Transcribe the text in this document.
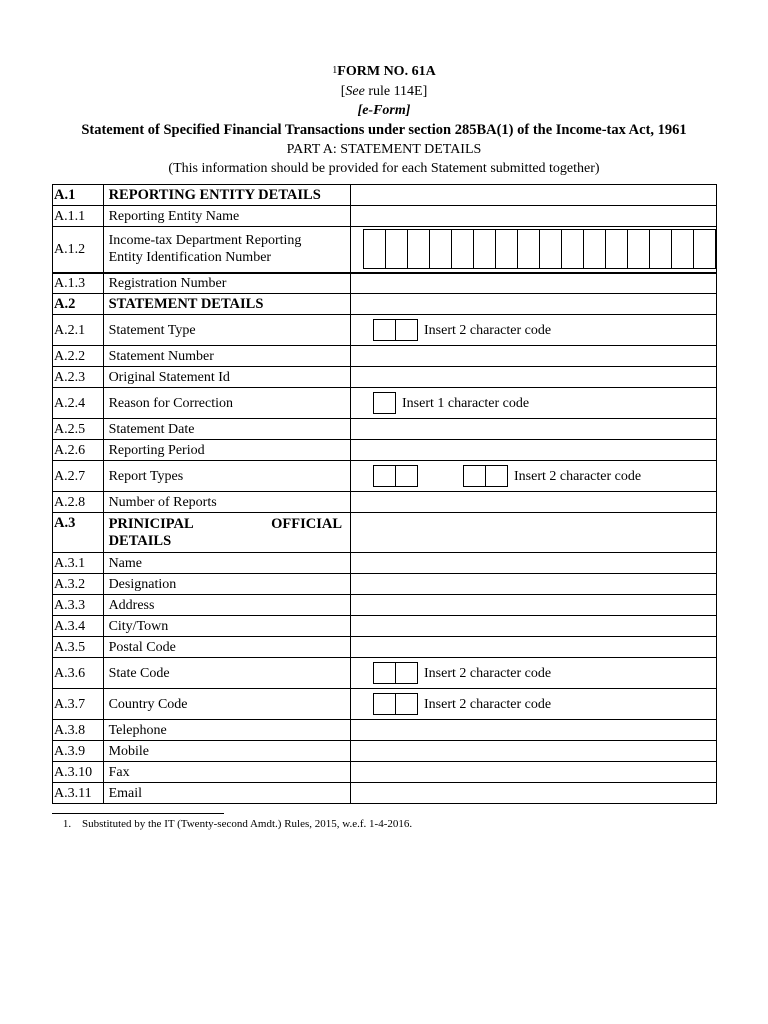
$^1$FORM NO. 61A
[See rule 114E]
[e-Form]
Statement of Specified Financial Transactions under section 285BA(1) of the Income-tax Act, 1961
PART A: STATEMENT DETAILS
(This information should be provided for each Statement submitted together)
A.1	REPORTING ENTITY DETAILS	
A.1.1	Reporting Entity Name	
A.1.2	Income-tax Department Reporting
Entity Identification Number	

A.1.3	Registration Number	
A.2	STATEMENT DETAILS	
A.2.1	Statement Type	Insert 2 character code
A.2.2	Statement Number	
A.2.3	Original Statement Id	
A.2.4	Reason for Correction	Insert 1 character code
A.2.5	Statement Date	
A.2.6	Reporting Period	
A.2.7	Report Types	Insert 2 character code
A.2.8	Number of Reports	
A.3	PRINICIPAL OFFICIAL
DETAILS	

A.3.1	Name	
A.3.2	Designation	
A.3.3	Address	
A.3.4	City/Town	
A.3.5	Postal Code	
A.3.6	State Code	Insert 2 character code
A.3.7	Country Code	Insert 2 character code
A.3.8	Telephone	
A.3.9	Mobile	
A.3.10	Fax	
A.3.11	Email	
1. Substituted by the IT (Twenty-second Amdt.) Rules, 2015, w.e.f. 1-4-2016.
